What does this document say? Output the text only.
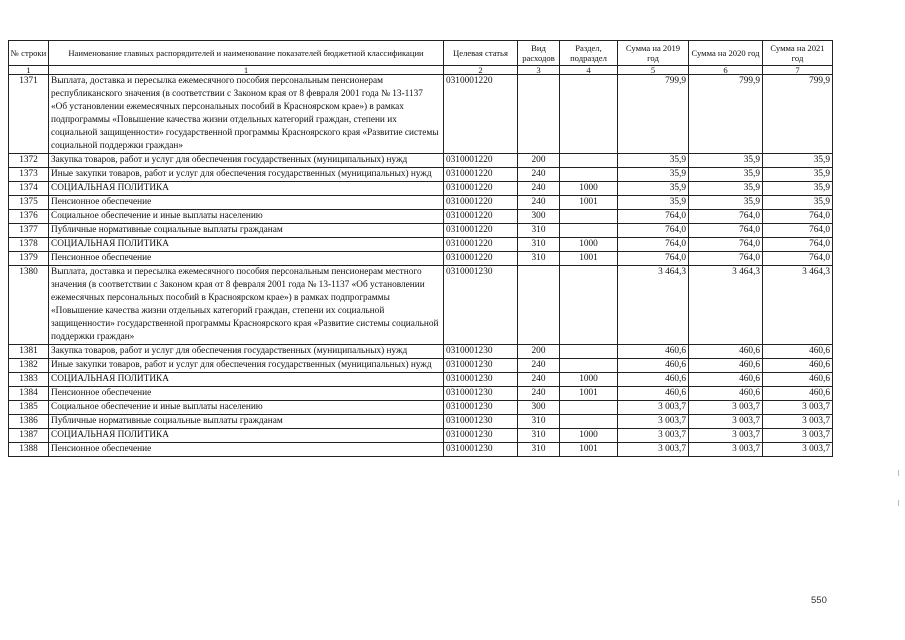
№ строки	Наименование главных распорядителей и наименование показателей бюджетной классификации	Целевая статья	Вид расходов	Раздел, подраздел	Сумма на 2019 год	Сумма на 2020 год	Сумма на 2021 год
1	1	2	3	4	5	6	7
1371	Выплата, доставка и пересылка ежемесячного пособия персональным пенсионерам республиканского значения (в соответствии с Законом края от 8 февраля 2001 года № 13-1137 «Об установлении ежемесячных персональных пособий в Красноярском крае») в рамках подпрограммы «Повышение качества жизни отдельных категорий граждан, степени их социальной защищенности» государственной программы Красноярского края «Развитие системы социальной поддержки граждан»	0310001220			799,9	799,9	799,9
1372	Закупка товаров, работ и услуг для обеспечения государственных (муниципальных) нужд	0310001220	200		35,9	35,9	35,9
1373	Иные закупки товаров, работ и услуг для обеспечения государственных (муниципальных) нужд	0310001220	240		35,9	35,9	35,9
1374	СОЦИАЛЬНАЯ ПОЛИТИКА	0310001220	240	1000	35,9	35,9	35,9
1375	Пенсионное обеспечение	0310001220	240	1001	35,9	35,9	35,9
1376	Социальное обеспечение и иные выплаты населению	0310001220	300		764,0	764,0	764,0
1377	Публичные нормативные социальные выплаты гражданам	0310001220	310		764,0	764,0	764,0
1378	СОЦИАЛЬНАЯ ПОЛИТИКА	0310001220	310	1000	764,0	764,0	764,0
1379	Пенсионное обеспечение	0310001220	310	1001	764,0	764,0	764,0
1380	Выплата, доставка и пересылка ежемесячного пособия персональным пенсионерам местного значения (в соответствии с Законом края от 8 февраля 2001 года № 13-1137 «Об установлении ежемесячных персональных пособий в Красноярском крае») в рамках подпрограммы «Повышение качества жизни отдельных категорий граждан, степени их социальной защищенности» государственной программы Красноярского края «Развитие системы социальной поддержки граждан»	0310001230			3 464,3	3 464,3	3 464,3
1381	Закупка товаров, работ и услуг для обеспечения государственных (муниципальных) нужд	0310001230	200		460,6	460,6	460,6
1382	Иные закупки товаров, работ и услуг для обеспечения государственных (муниципальных) нужд	0310001230	240		460,6	460,6	460,6
1383	СОЦИАЛЬНАЯ ПОЛИТИКА	0310001230	240	1000	460,6	460,6	460,6
1384	Пенсионное обеспечение	0310001230	240	1001	460,6	460,6	460,6
1385	Социальное обеспечение и иные выплаты населению	0310001230	300		3 003,7	3 003,7	3 003,7
1386	Публичные нормативные социальные выплаты гражданам	0310001230	310		3 003,7	3 003,7	3 003,7
1387	СОЦИАЛЬНАЯ ПОЛИТИКА	0310001230	310	1000	3 003,7	3 003,7	3 003,7
1388	Пенсионное обеспечение	0310001230	310	1001	3 003,7	3 003,7	3 003,7
550
